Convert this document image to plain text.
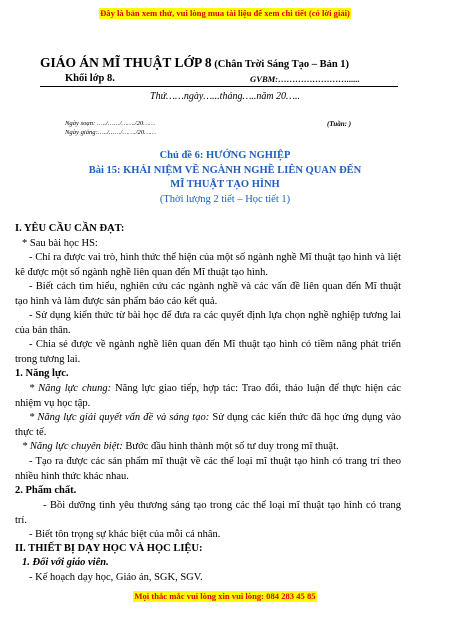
Đây là bản xem thử, vui lòng mua tài liệu để xem chi tiết (có lời giải)
GIÁO ÁN MĨ THUẬT LỚP 8 (Chân Trời Sáng Tạo – Bản 1)
Khối lớp 8.	GVBM:……………………......
Thứ……ngày…...tháng…..năm 20…..
Ngày soạn: …../……/……./20……
Ngày giảng:…../……/……./20……
(Tuần: )
Chủ đề 6: HƯỚNG NGHIỆP
Bài 15: KHÁI NIỆM VỀ NGÀNH NGHỀ LIÊN QUAN ĐẾN
MĨ THUẬT TẠO HÌNH
(Thời lượng 2 tiết – Học tiết 1)
I. YÊU CẦU CẦN ĐẠT:
* Sau bài học HS:
- Chỉ ra được vai trò, hình thức thể hiện của một số ngành nghề Mĩ thuật tạo hình và liệt kê được một số ngành nghề liên quan đến Mĩ thuật tạo hình.
- Biết cách tìm hiểu, nghiên cứu các ngành nghề và các vấn đề liên quan đến Mĩ thuật tạo hình và làm được sản phẩm báo cáo kết quả.
- Sử dụng kiến thức từ bài học để đưa ra các quyết định lựa chọn nghề nghiệp tương lai của bản thân.
- Chia sẻ được về ngành nghề liên quan đến Mĩ thuật tạo hình có tiềm năng phát triển trong tương lai.
1. Năng lực.
* Năng lực chung: Năng lực giao tiếp, hợp tác: Trao đổi, thảo luận để thực hiện các nhiệm vụ học tập.
* Năng lực giải quyết vấn đề và sáng tạo: Sử dụng các kiến thức đã học ứng dụng vào thực tế.
* Năng lực chuyên biệt: Bước đầu hình thành một số tư duy trong mĩ thuật.
- Tạo ra được các sản phẩm mĩ thuật về các thể loại mĩ thuật tạo hình có trang trí theo nhiều hình thức khác nhau.
2. Phẩm chất.
- Bồi dưỡng tình yêu thương sáng tạo trong các thể loại mĩ thuật tạo hình có trang trí.
- Biết tôn trọng sự khác biệt của mỗi cá nhân.
II. THIẾT BỊ DẠY HỌC VÀ HỌC LIỆU:
1. Đối với giáo viên.
- Kế hoạch dạy học, Giáo án, SGK, SGV.
Mọi thắc mắc vui lòng xin vui lòng: 084 283 45 85
